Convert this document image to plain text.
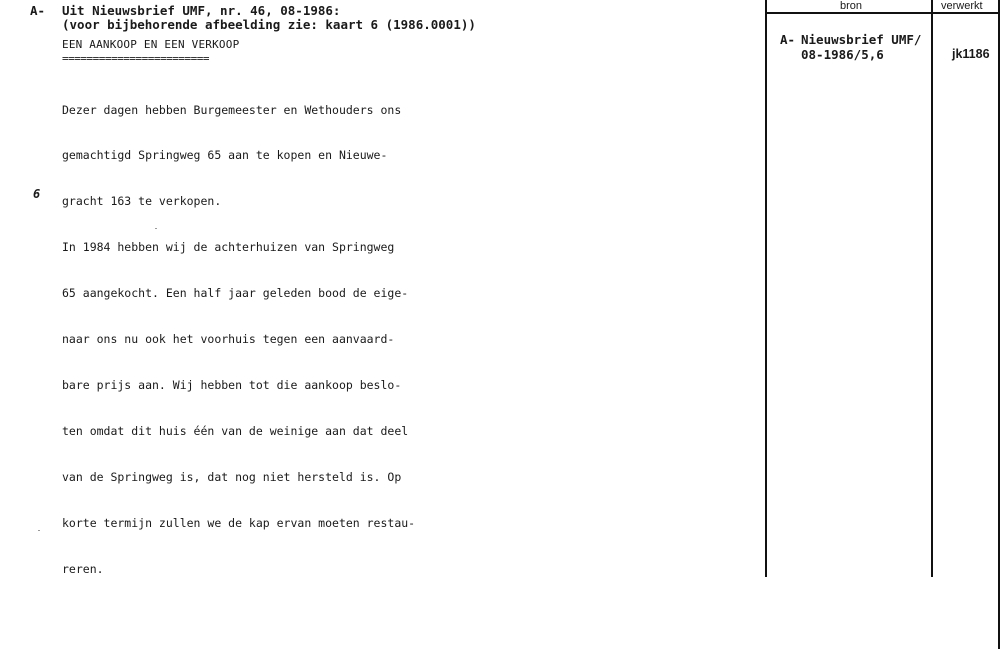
A- Uit Nieuwsbrief UMF, nr. 46, 08-1986:
(voor bijbehorende afbeelding zie: kaart 6 (1986.0001))
EEN AANKOOP EN EEN VERKOOP
========================

Dezer dagen hebben Burgemeester en Wethouders ons

gemachtigd Springweg 65 aan te kopen en Nieuwe-

gracht 163 te verkopen.

In 1984 hebben wij de achterhuizen van Springweg

65 aangekocht. Een half jaar geleden bood de eige-

naar ons nu ook het voorhuis tegen een aanvaard-

bare prijs aan. Wij hebben tot die aankoop beslo-

ten omdat dit huis één van de weinige aan dat deel

van de Springweg is, dat nog niet hersteld is. Op

korte termijn zullen we de kap ervan moeten restau-

reren.

6
bron	verwerkt
A- Nieuwsbrief UMF/
08-1986/5,6	jk1186
